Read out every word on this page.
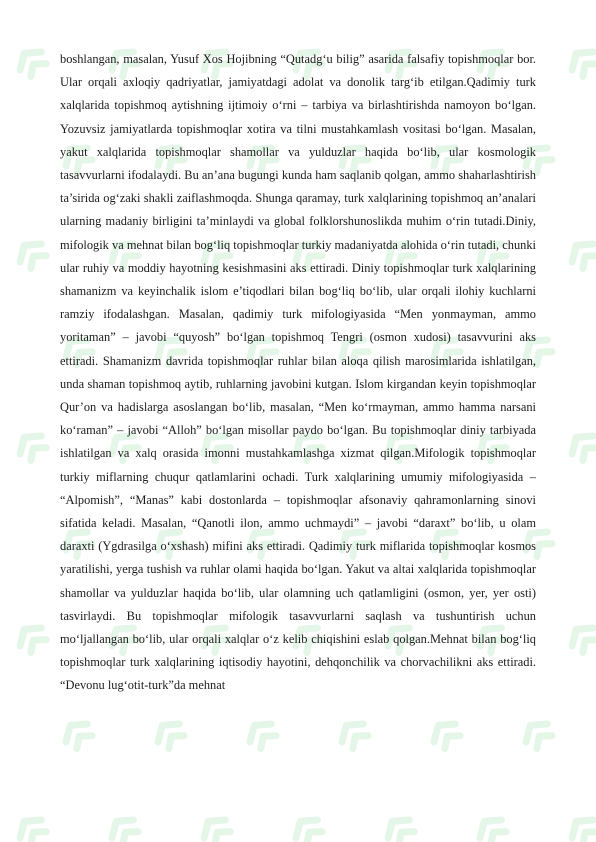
boshlangan, masalan, Yusuf Xos Hojibning “Qutadg‘u bilig” asarida falsafiy topishmoqlar bor. Ular orqali axloqiy qadriyatlar, jamiyatdagi adolat va donolik targ‘ib etilgan.Qadimiy turk xalqlarida topishmoq aytishning ijtimoiy o‘rni – tarbiya va birlashtirishda namoyon bo‘lgan. Yozuvsiz jamiyatlarda topishmoqlar xotira va tilni mustahkamlash vositasi bo‘lgan. Masalan, yakut xalqlarida topishmoqlar shamollar va yulduzlar haqida bo‘lib, ular kosmologik tasavvurlarni ifodalaydi. Bu an’ana bugungi kunda ham saqlanib qolgan, ammo shaharlashtirish ta’sirida og‘zaki shakli zaiflashmoqda. Shunga qaramay, turk xalqlarining topishmoq an’analari ularning madaniy birligini ta’minlaydi va global folklorshunoslikda muhim o‘rin tutadi.Diniy, mifologik va mehnat bilan bog‘liq topishmoqlar turkiy madaniyatda alohida o‘rin tutadi, chunki ular ruhiy va moddiy hayotning kesishmasini aks ettiradi. Diniy topishmoqlar turk xalqlarining shamanizm va keyinchalik islom e’tiqodlari bilan bog‘liq bo‘lib, ular orqali ilohiy kuchlarni ramziy ifodalashgan. Masalan, qadimiy turk mifologiyasida “Men yonmayman, ammo yoritaman” – javobi “quyosh” bo‘lgan topishmoq Tengri (osmon xudosi) tasavvurini aks ettiradi. Shamanizm davrida topishmoqlar ruhlar bilan aloqa qilish marosimlarida ishlatilgan, unda shaman topishmoq aytib, ruhlarning javobini kutgan. Islom kirgandan keyin topishmoqlar Qur’on va hadislarga asoslangan bo‘lib, masalan, “Men ko‘rmayman, ammo hamma narsani ko‘raman” – javobi “Alloh” bo‘lgan misollar paydo bo‘lgan. Bu topishmoqlar diniy tarbiyada ishlatilgan va xalq orasida imonni mustahkamlashga xizmat qilgan.Mifologik topishmoqlar turkiy miflarning chuqur qatlamlarini ochadi. Turk xalqlarining umumiy mifologiyasida – “Alpomish”, “Manas” kabi dostonlarda – topishmoqlar afsonaviy qahramonlarning sinovi sifatida keladi. Masalan, “Qanotli ilon, ammo uchmaydi” – javobi “daraxt” bo‘lib, u olam daraxti (Ygdrasilga o‘xshash) mifini aks ettiradi. Qadimiy turk miflarida topishmoqlar kosmos yaratilishi, yerga tushish va ruhlar olami haqida bo‘lgan. Yakut va altai xalqlarida topishmoqlar shamollar va yulduzlar haqida bo‘lib, ular olamning uch qatlamligini (osmon, yer, yer osti) tasvirlaydi. Bu topishmoqlar mifologik tasavvurlarni saqlash va tushuntirish uchun mo‘ljallangan bo‘lib, ular orqali xalqlar o‘z kelib chiqishini eslab qolgan.Mehnat bilan bog‘liq topishmoqlar turk xalqlarining iqtisodiy hayotini, dehqonchilik va chorvachilikni aks ettiradi. “Devonu lug‘otit-turk”da mehnat
